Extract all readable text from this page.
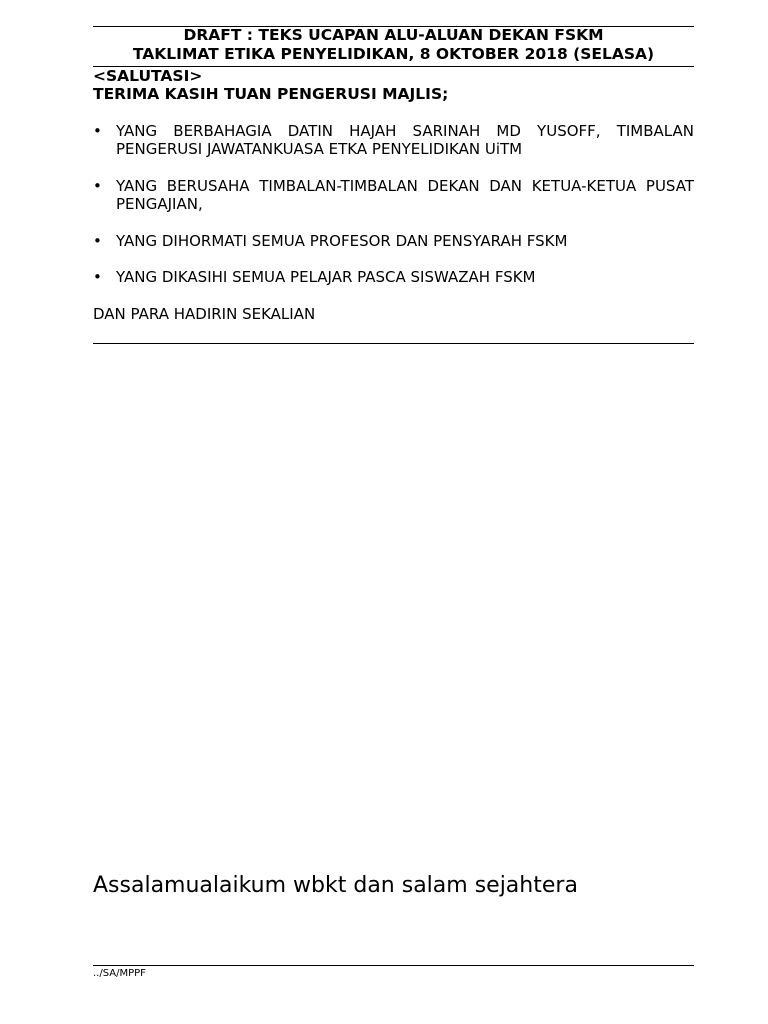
DRAFT : TEKS UCAPAN ALU-ALUAN DEKAN FSKM
TAKLIMAT ETIKA PENYELIDIKAN, 8 OKTOBER 2018 (SELASA)
<SALUTASI>
TERIMA KASIH TUAN PENGERUSI MAJLIS;
• YANG BERBAHAGIA DATIN HAJAH SARINAH MD YUSOFF, TIMBALAN PENGERUSI JAWATANKUASA ETKA PENYELIDIKAN UiTM
• YANG BERUSAHA TIMBALAN-TIMBALAN DEKAN DAN KETUA-KETUA PUSAT PENGAJIAN,
• YANG DIHORMATI SEMUA PROFESOR DAN PENSYARAH FSKM
• YANG DIKASIHI SEMUA PELAJAR PASCA SISWAZAH FSKM
DAN PARA HADIRIN SEKALIAN
Assalamualaikum wbkt dan salam sejahtera
../SA/MPPF
